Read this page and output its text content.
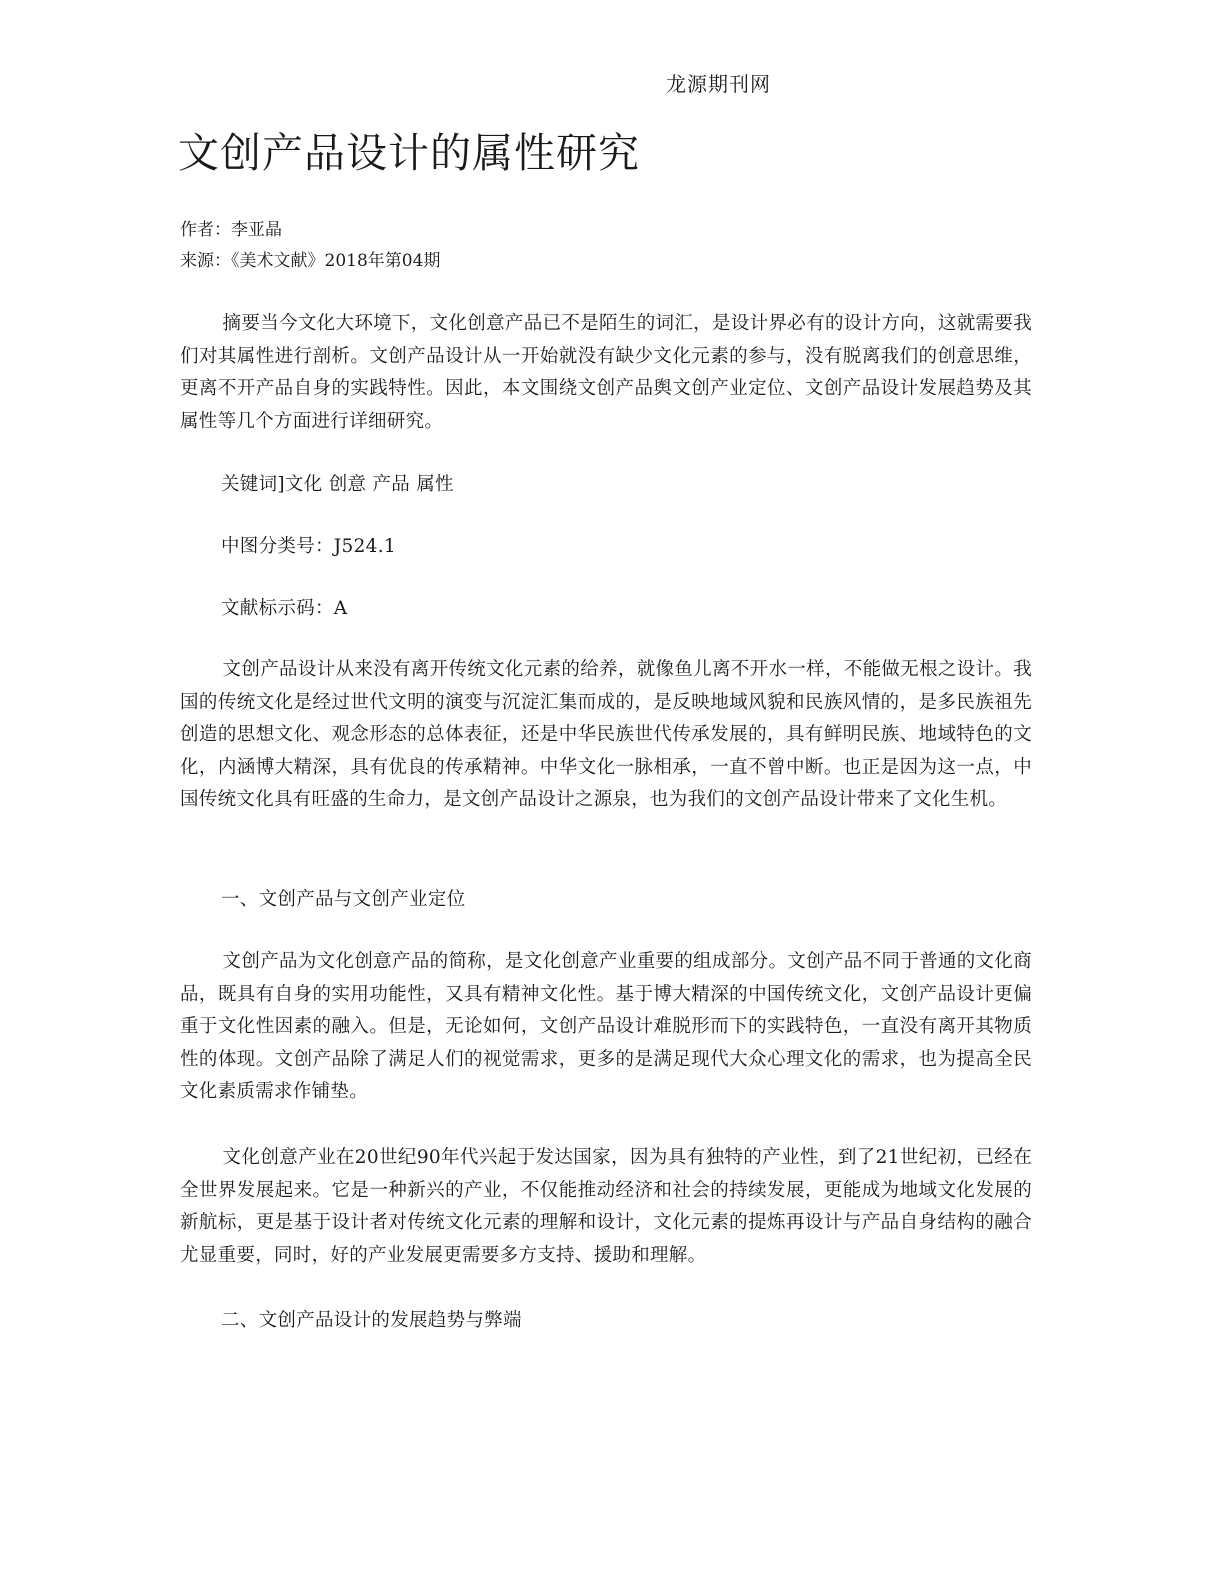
龙源期刊网
文创产品设计的属性研究
作者：李亚晶
来源：《美术文献》2018年第04期

摘要当今文化大环境下，文化创意产品已不是陌生的词汇，是设计界必有的设计方向，这就需要我们对其属性进行剖析。文创产品设计从一开始就没有缺少文化元素的参与，没有脱离我们的创意思维，更离不开产品自身的实践特性。因此，本文围绕文创产品舆文创产业定位、文创产品设计发展趋势及其属性等几个方面进行详细研究。

关键词]文化 创意 产品 属性

中图分类号：J524.1

文献标示码：A

文创产品设计从来没有离开传统文化元素的给养，就像鱼儿离不开水一样，不能做无根之设计。我国的传统文化是经过世代文明的演变与沉淀汇集而成的，是反映地域风貌和民族风情的，是多民族祖先创造的思想文化、观念形态的总体表征，还是中华民族世代传承发展的，具有鲜明民族、地域特色的文化，内涵博大精深，具有优良的传承精神。中华文化一脉相承，一直不曾中断。也正是因为这一点，中国传统文化具有旺盛的生命力，是文创产品设计之源泉，也为我们的文创产品设计带来了文化生机。

一、文创产品与文创产业定位

文创产品为文化创意产品的简称，是文化创意产业重要的组成部分。文创产品不同于普通的文化商品，既具有自身的实用功能性，又具有精神文化性。基于博大精深的中国传统文化，文创产品设计更偏重于文化性因素的融入。但是，无论如何，文创产品设计难脱形而下的实践特色，一直没有离开其物质性的体现。文创产品除了满足人们的视觉需求，更多的是满足现代大众心理文化的需求，也为提高全民文化素质需求作铺垫。

文化创意产业在20世纪90年代兴起于发达国家，因为具有独特的产业性，到了21世纪初，已经在全世界发展起来。它是一种新兴的产业，不仅能推动经济和社会的持续发展，更能成为地域文化发展的新航标，更是基于设计者对传统文化元素的理解和设计，文化元素的提炼再设计与产品自身结构的融合尤显重要，同时，好的产业发展更需要多方支持、援助和理解。

二、文创产品设计的发展趋势与弊端
